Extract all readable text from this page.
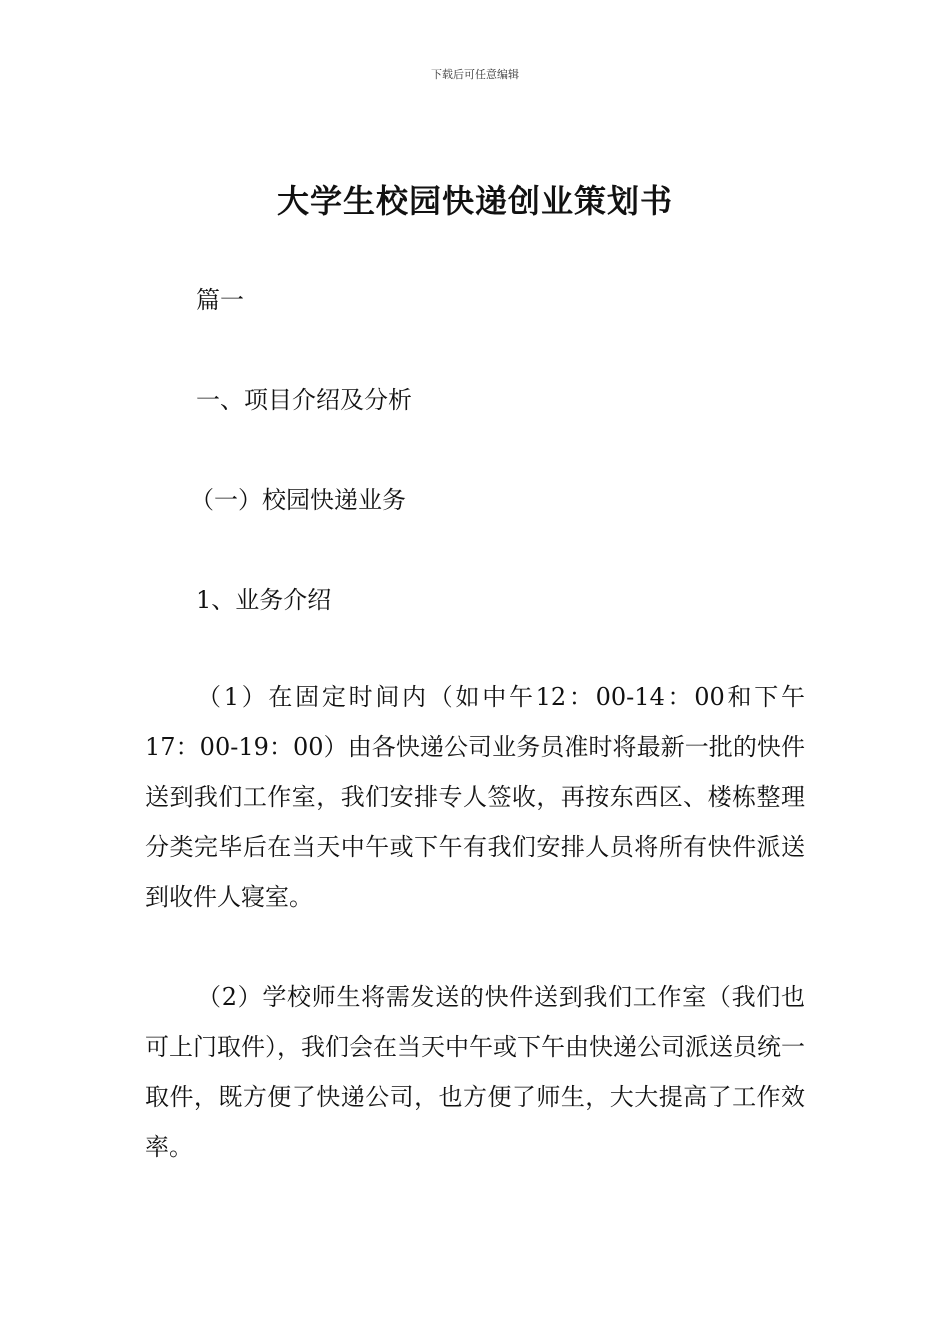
下载后可任意编辑
大学生校园快递创业策划书
篇一
一、项目介绍及分析
（一）校园快递业务
1、业务介绍

（1）在固定时间内（如中午12：00-14：00和下午17：00-19：00）由各快递公司业务员准时将最新一批的快件送到我们工作室，我们安排专人签收，再按东西区、楼栋整理分类完毕后在当天中午或下午有我们安排人员将所有快件派送到收件人寝室。

（2）学校师生将需发送的快件送到我们工作室（我们也可上门取件），我们会在当天中午或下午由快递公司派送员统一取件，既方便了快递公司，也方便了师生，大大提高了工作效率。
